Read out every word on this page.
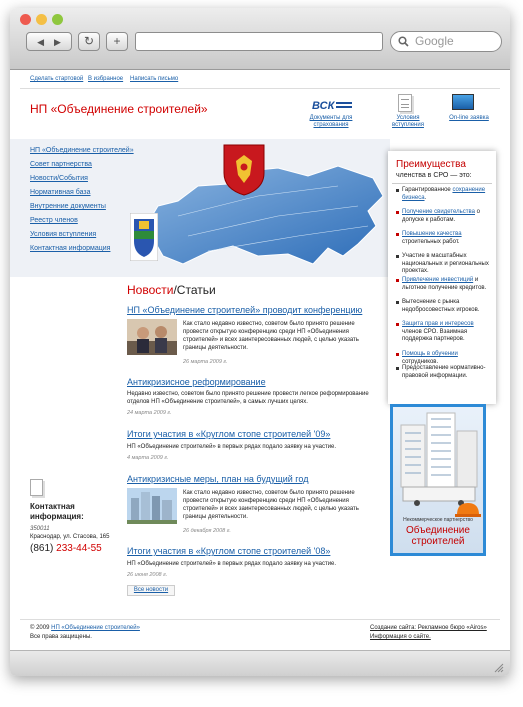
◀ ▶	↻	+	Google
Сделать стартовой В избранное Написать письмо
НП «Объединение строителей»	ВСК
Документы для страхования
Условия вступления
On-line заявка
НП «Объединение строителей»
Совет партнерства
Новости/События
Нормативная база
Внутренние документы
Реестр членов
Условия вступления
Контактная информация
Преимущества
членства в СРО — это:
Гарантированное сохранение бизнеса.
Получение свидетельства о допуске к работам.
Повышение качества строительных работ.
Участие в масштабных национальных и региональных проектах.
Привлечение инвестиций и льготное получение кредитов.
Вытеснение с рынка недобросовестных игроков.
Защита прав и интересов членов СРО. Взаимная поддержка партнеров.
Помощь в обучении сотрудников.
Предоставление нормативно-правовой информации.
Новости/Статьи
НП «Объединение строителей» проводит конференцию
Как стало недавно известно, советом было принято решение провести открытую конференцию среди НП «Объединения строителей» и всех заинтересованных людей, с целью указать границы деятельности.
26 марта 2009 г.
Антикризисное реформирование
Недавно известно, советом было принято решение провести легкое реформирование отделов НП «Объединение строителей», в самых лучших целях.
24 марта 2009 г.
Итоги участия в «Круглом стопе строителей '09»
НП «Объединение строителей» в первых рядах подало заявку на участие.
4 марта 2009 г.
Антикризисные меры, план на будущий год
Как стало недавно известно, советом было принято решение провести открытую конференцию среди НП «Объединения строителей» и всех заинтересованных людей, с целью указать границы деятельности.
26 декабря 2008 г.
Итоги участия в «Круглом стопе строителей '08»
НП «Объединение строителей» в первых рядах подало заявку на участие.
26 июня 2008 г.
Все новости
Контактная информация:
350011
Краснодар, ул. Стасова, 165
(861) 233-44-55
Некоммерческое партнерство
Объединение строителей
© 2009 НП «Объединение строителей»
Все права защищены.
Создание сайта: Рекламное бюро «Airos»
Информация о сайте.
